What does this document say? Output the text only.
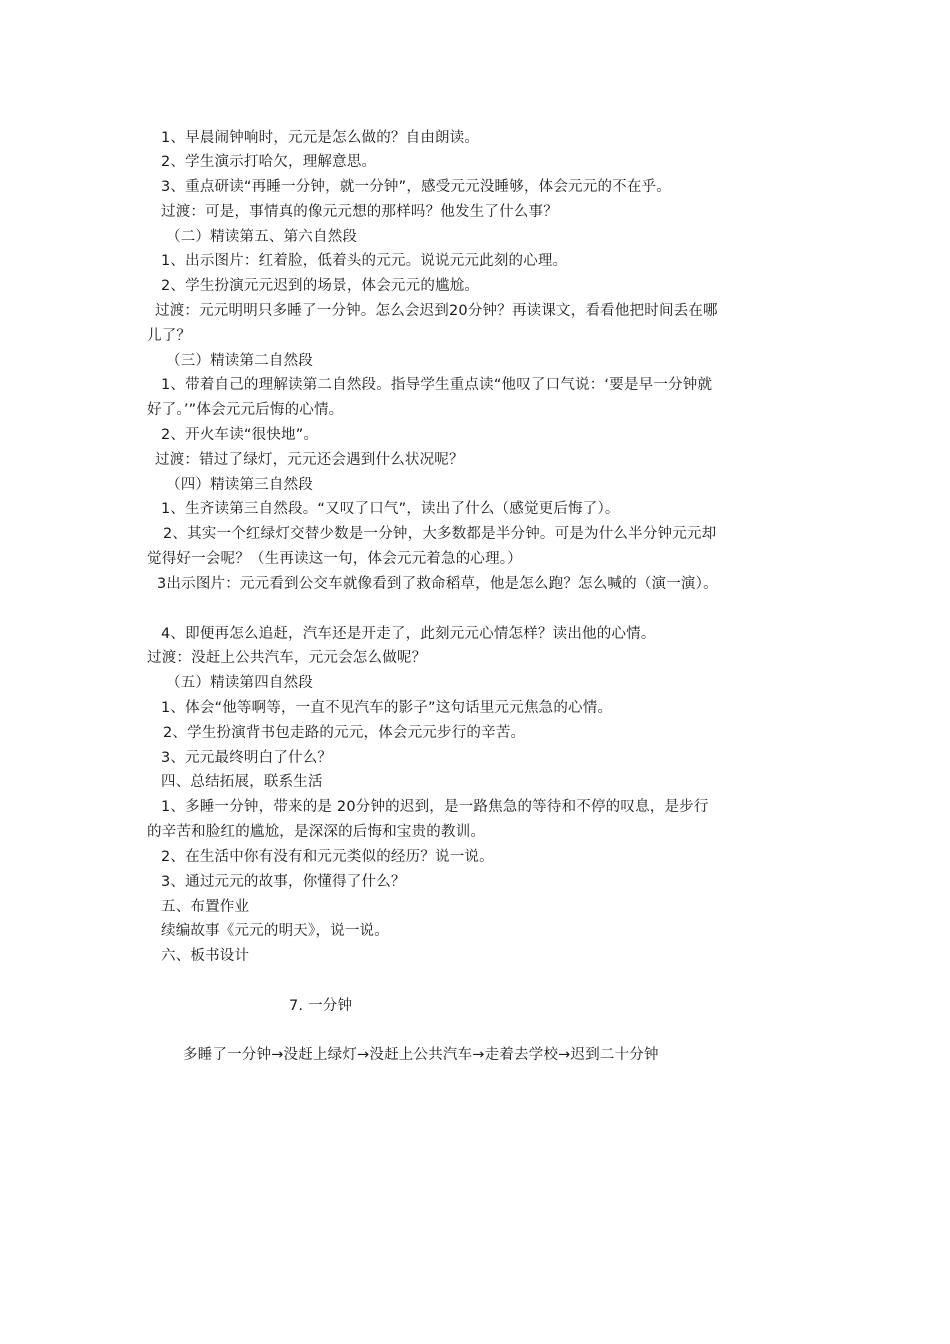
1、早晨闹钟响时，元元是怎么做的？自由朗读。
2、学生演示打哈欠，理解意思。
3、重点研读“再睡一分钟，就一分钟”，感受元元没睡够，体会元元的不在乎。
过渡：可是，事情真的像元元想的那样吗？他发生了什么事？
（二）精读第五、第六自然段
1、出示图片：红着脸，低着头的元元。说说元元此刻的心理。
2、学生扮演元元迟到的场景，体会元元的尴尬。
过渡：元元明明只多睡了一分钟。怎么会迟到20分钟？再读课文，看看他把时间丢在哪
儿了？
（三）精读第二自然段
1、带着自己的理解读第二自然段。指导学生重点读“他叹了口气说：‘要是早一分钟就
好了。’”体会元元后悔的心情。
2、开火车读“很快地”。
过渡：错过了绿灯，元元还会遇到什么状况呢？
（四）精读第三自然段
1、生齐读第三自然段。“又叹了口气”，读出了什么（感觉更后悔了）。
2、其实一个红绿灯交替少数是一分钟，大多数都是半分钟。可是为什么半分钟元元却
觉得好一会呢？（生再读这一句，体会元元着急的心理。）
3出示图片：元元看到公交车就像看到了救命稻草，他是怎么跑？怎么喊的（演一演）。
4、即便再怎么追赶，汽车还是开走了，此刻元元心情怎样？读出他的心情。
过渡：没赶上公共汽车，元元会怎么做呢？
（五）精读第四自然段
1、体会“他等啊等，一直不见汽车的影子”这句话里元元焦急的心情。
2、学生扮演背书包走路的元元，体会元元步行的辛苦。
3、元元最终明白了什么？
四、总结拓展，联系生活
1、多睡一分钟，带来的是 20分钟的迟到，是一路焦急的等待和不停的叹息，是步行
的辛苦和脸红的尴尬，是深深的后悔和宝贵的教训。
2、在生活中你有没有和元元类似的经历？说一说。
3、通过元元的故事，你懂得了什么？
五、布置作业
续编故事《元元的明天》，说一说。
六、板书设计
7. 一分钟
多睡了一分钟→没赶上绿灯→没赶上公共汽车→走着去学校→迟到二十分钟
